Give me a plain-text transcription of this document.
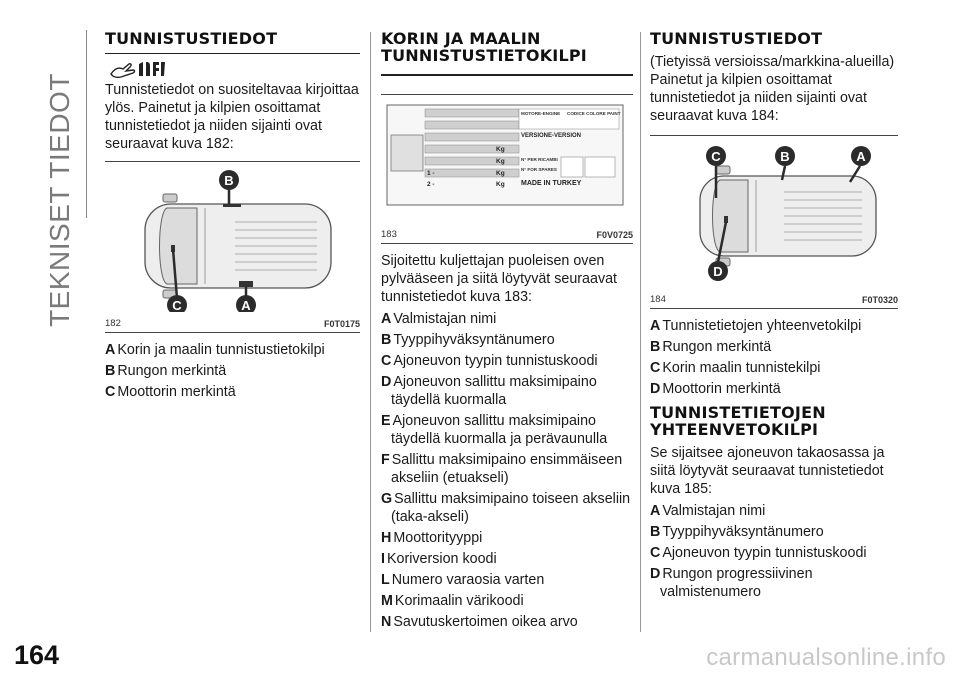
TEKNISET TIEDOT
164	carmanualsonline.info
TUNNISTUSTIEDOT

Tunnistetiedot on suositeltavaa kirjoittaa ylös. Painetut ja kilpien osoittamat tunnistetiedot ja niiden sijainti ovat seuraavat kuva 182:

B
C	A
182	F0T0175
A Korin ja maalin tunnistustietokilpi
B Rungon merkintä
C Moottorin merkintä
KORIN JA MAALIN TUNNISTUSTIETOKILPI
MOTORE-ENGINE CODICE COLORE PAINT
VERSIONE-VERSION
Kg
Kg
Kg
Kg
1 -
2 -
N° PER RICAMBI
N° FOR SPARES
MADE IN TURKEY
183	F0V0725

Sijoitettu kuljettajan puoleisen oven pylvääseen ja siitä löytyvät seuraavat tunnistetiedot kuva 183:

A Valmistajan nimi
B Tyyppihyväksyntänumero
C Ajoneuvon tyypin tunnistuskoodi
D Ajoneuvon sallittu maksimipaino täydellä kuormalla
E Ajoneuvon sallittu maksimipaino täydellä kuormalla ja perävaunulla
F Sallittu maksimipaino ensimmäiseen akseliin (etuakseli)
G Sallittu maksimipaino toiseen akseliin (taka-akseli)
H Moottorityyppi
I Koriversion koodi
L Numero varaosia varten
M Korimaalin värikoodi
N Savutuskertoimen oikea arvo
TUNNISTUSTIEDOT

(Tietyissä versioissa/markkina-alueilla) Painetut ja kilpien osoittamat tunnistetiedot ja niiden sijainti ovat seuraavat kuva 184:

C	B	A
D
184	F0T0320
A Tunnistetietojen yhteenvetokilpi
B Rungon merkintä
C Korin maalin tunnistekilpi
D Moottorin merkintä
TUNNISTETIETOJEN YHTEENVETOKILPI

Se sijaitsee ajoneuvon takaosassa ja siitä löytyvät seuraavat tunnistetiedot kuva 185:

A Valmistajan nimi
B Tyyppihyväksyntänumero
C Ajoneuvon tyypin tunnistuskoodi
D Rungon progressiivinen valmistenumero
